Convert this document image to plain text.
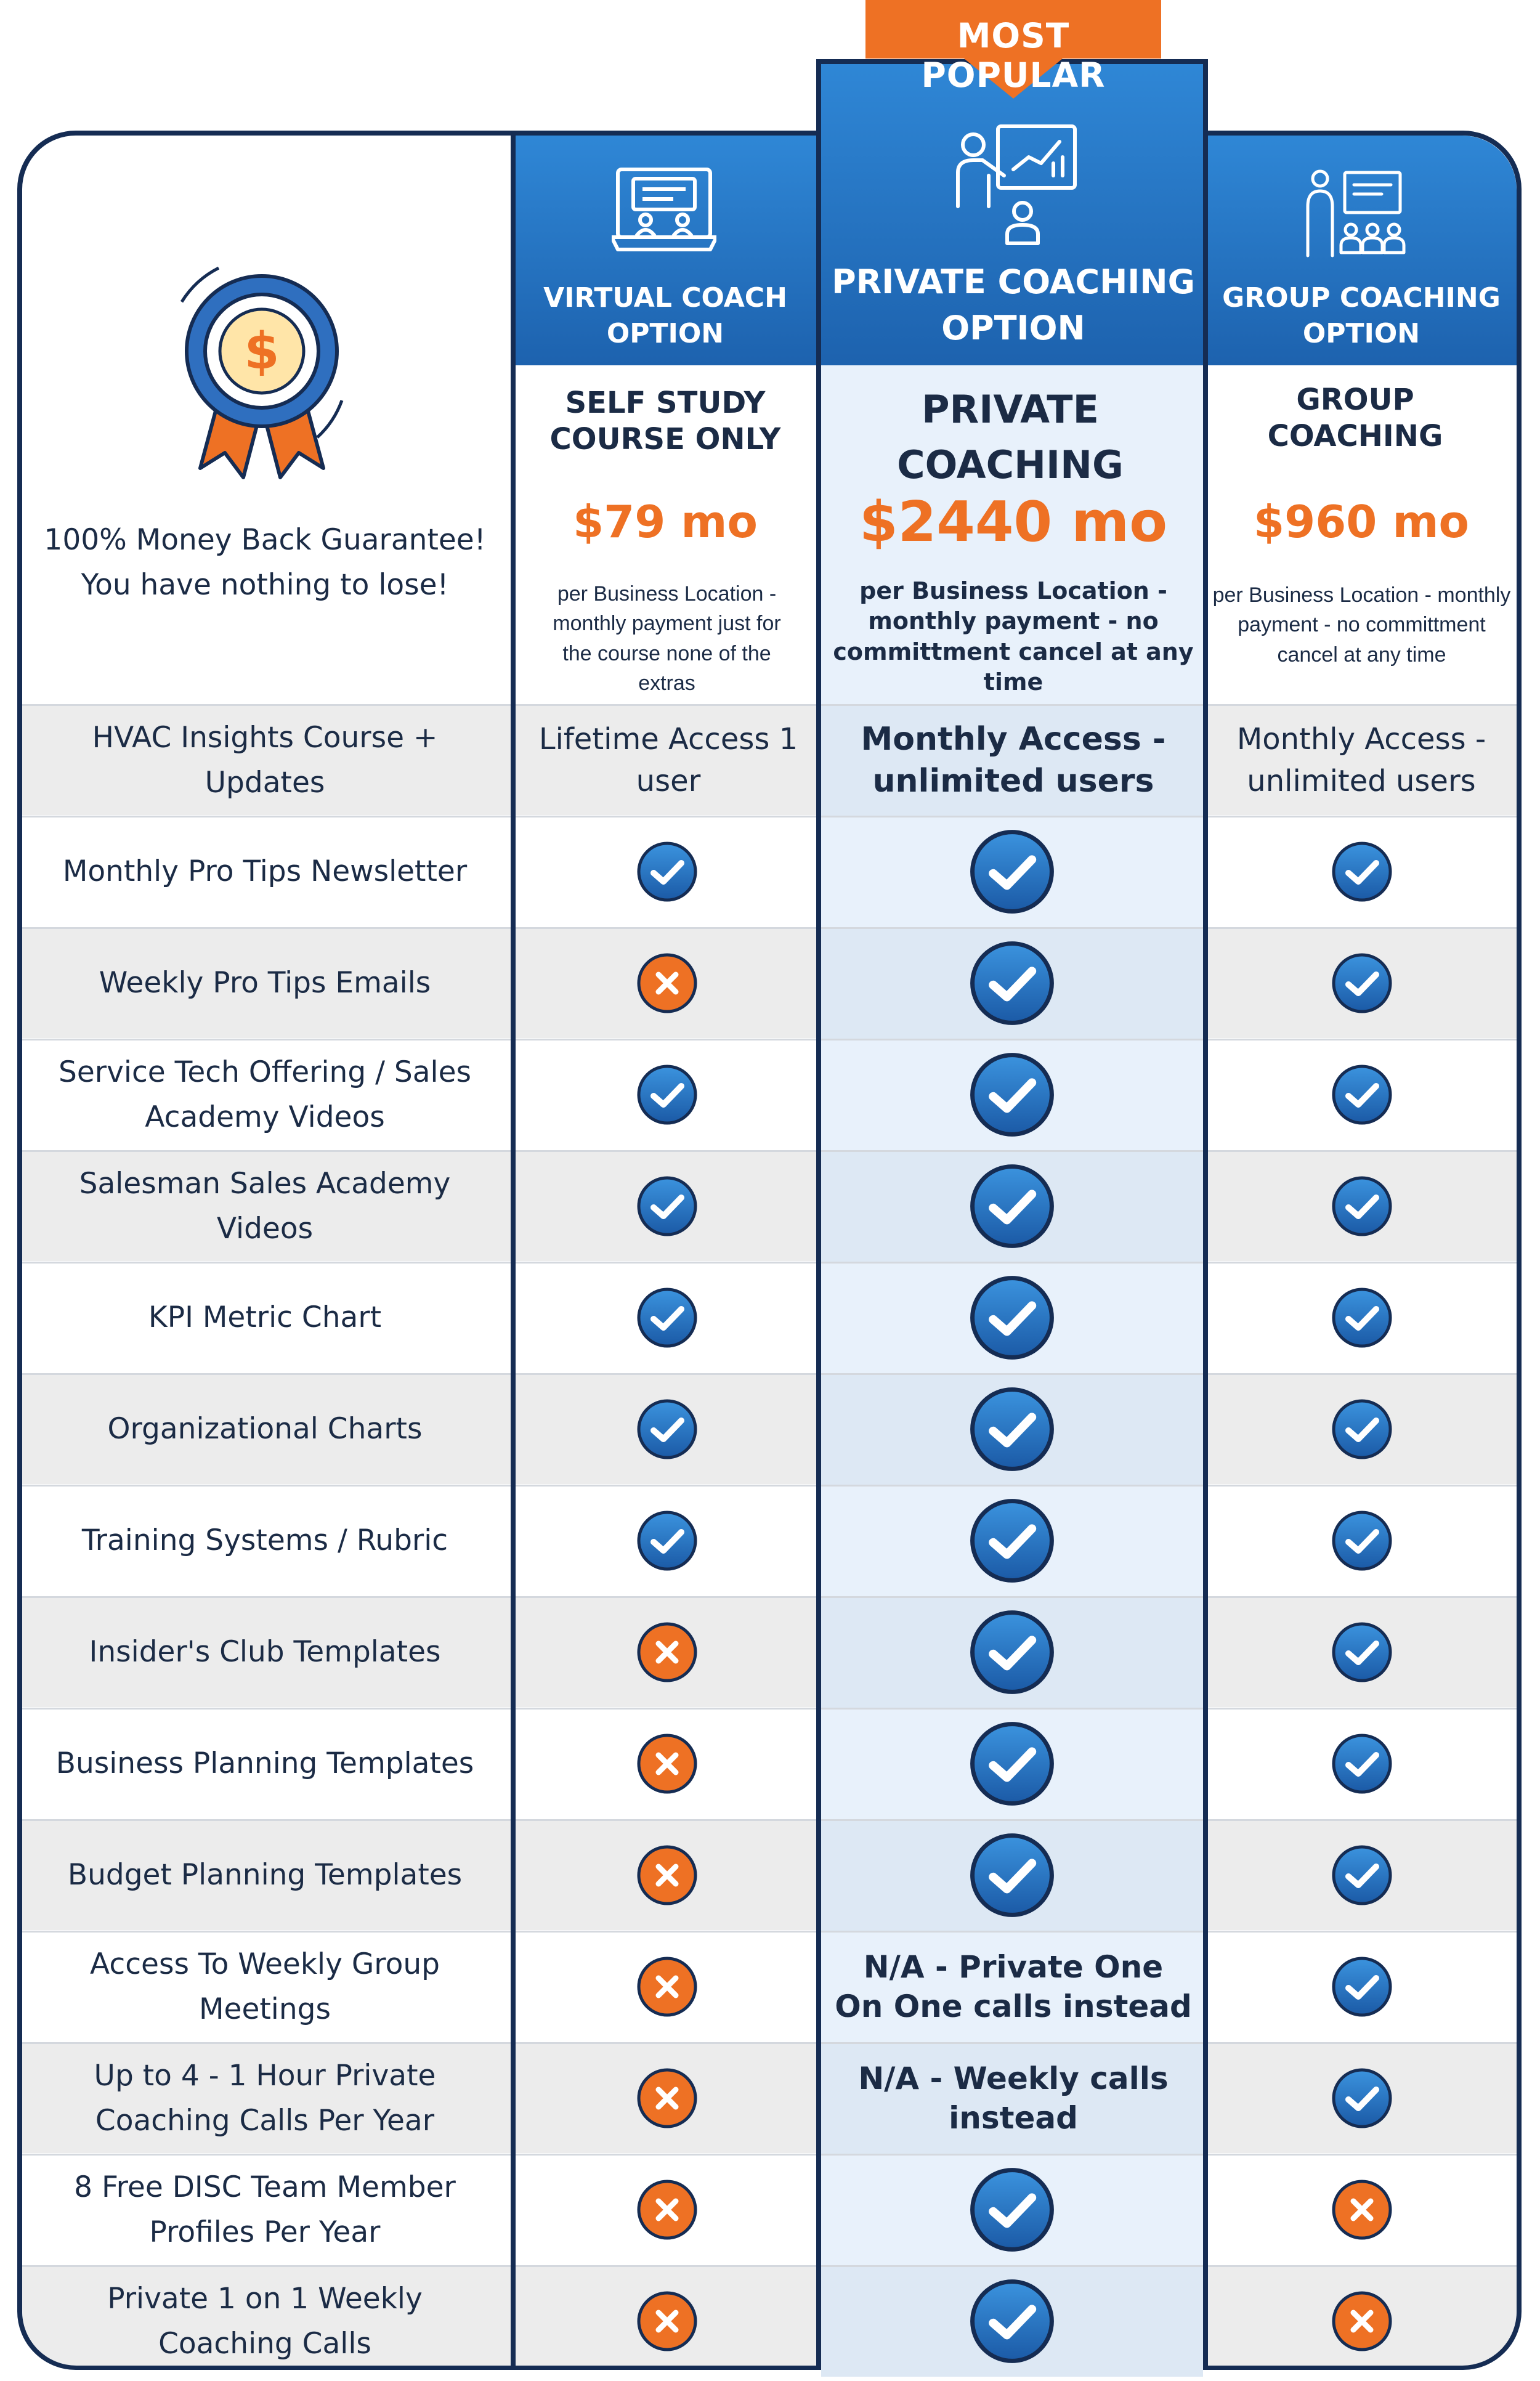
MOST POPULAR
VIRTUAL COACH OPTION
PRIVATE COACHING OPTION
GROUP COACHING OPTION
SELF STUDY COURSE ONLY
PRIVATE COACHING
GROUP COACHING
$79 mo	$2440 mo	$960 mo
per Business Location - monthly payment just for the course none of the extras
per Business Location - monthly payment - no committment cancel at any time
per Business Location - monthly payment - no committment cancel at any time
$
100% Money Back Guarantee! You have nothing to lose!
HVAC Insights Course + Updates
Lifetime Access 1 user
Monthly Access - unlimited users
Monthly Access - unlimited users
Monthly Pro Tips Newsletter
Weekly Pro Tips Emails
Service Tech Offering / Sales Academy Videos
Salesman Sales Academy Videos
KPI Metric Chart
Organizational Charts
Training Systems / Rubric
Insider's Club Templates
Business Planning Templates
Budget Planning Templates
Access To Weekly Group Meetings
N/A - Private One On One calls instead
Up to 4 - 1 Hour Private Coaching Calls Per Year
N/A - Weekly calls instead
8 Free DISC Team Member Profiles Per Year
Private 1 on 1 Weekly Coaching Calls
